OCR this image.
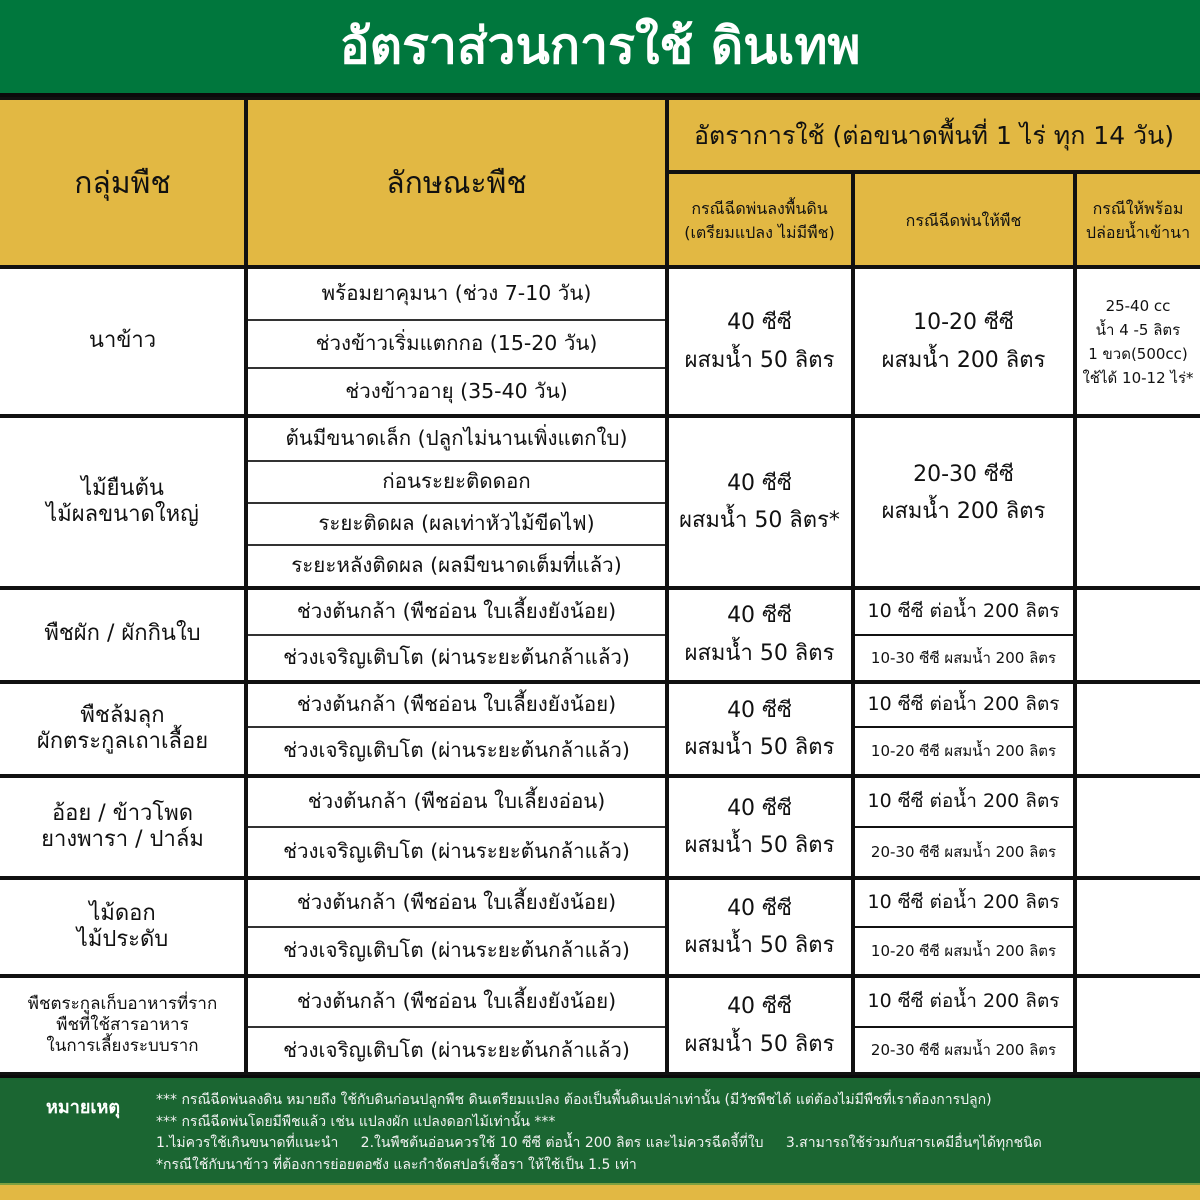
อัตราส่วนการใช้ ดินเทพ
กลุ่มพืช	ลักษณะพืช
อัตราการใช้ (ต่อขนาดพื้นที่ 1 ไร่ ทุก 14 วัน)
กรณีฉีดพ่นลงพื้นดิน
(เตรียมแปลง ไม่มีพืช)
กรณีฉีดพ่นให้พืช
กรณีให้พร้อม
ปล่อยน้ำเข้านา
นาข้าว
พร้อมยาคุมนา (ช่วง 7-10 วัน)
ช่วงข้าวเริ่มแตกกอ (15-20 วัน)
ช่วงข้าวอายุ (35-40 วัน)
40 ซีซี
ผสมน้ำ 50 ลิตร
10-20 ซีซี
ผสมน้ำ 200 ลิตร
25-40 cc
น้ำ 4 -5 ลิตร
1 ขวด(500cc)
ใช้ได้ 10-12 ไร่*
ไม้ยืนต้น
ไม้ผลขนาดใหญ่
ต้นมีขนาดเล็ก (ปลูกไม่นานเพิ่งแตกใบ)
ก่อนระยะติดดอก
ระยะติดผล (ผลเท่าหัวไม้ขีดไฟ)
ระยะหลังติดผล (ผลมีขนาดเต็มที่แล้ว)
40 ซีซี
ผสมน้ำ 50 ลิตร*
20-30 ซีซี
ผสมน้ำ 200 ลิตร
พืชผัก / ผักกินใบ
ช่วงต้นกล้า (พืชอ่อน ใบเลี้ยงยังน้อย)
ช่วงเจริญเติบโต (ผ่านระยะต้นกล้าแล้ว)
40 ซีซี
ผสมน้ำ 50 ลิตร
10 ซีซี ต่อน้ำ 200 ลิตร
10-30 ซีซี ผสมน้ำ 200 ลิตร
พืชล้มลุก
ผักตระกูลเถาเลื้อย
ช่วงต้นกล้า (พืชอ่อน ใบเลี้ยงยังน้อย)
ช่วงเจริญเติบโต (ผ่านระยะต้นกล้าแล้ว)
40 ซีซี
ผสมน้ำ 50 ลิตร
10 ซีซี ต่อน้ำ 200 ลิตร
10-20 ซีซี ผสมน้ำ 200 ลิตร
อ้อย / ข้าวโพด
ยางพารา / ปาล์ม
ช่วงต้นกล้า (พืชอ่อน ใบเลี้ยงอ่อน)
ช่วงเจริญเติบโต (ผ่านระยะต้นกล้าแล้ว)
40 ซีซี
ผสมน้ำ 50 ลิตร
10 ซีซี ต่อน้ำ 200 ลิตร
20-30 ซีซี ผสมน้ำ 200 ลิตร
ไม้ดอก
ไม้ประดับ
ช่วงต้นกล้า (พืชอ่อน ใบเลี้ยงยังน้อย)
ช่วงเจริญเติบโต (ผ่านระยะต้นกล้าแล้ว)
40 ซีซี
ผสมน้ำ 50 ลิตร
10 ซีซี ต่อน้ำ 200 ลิตร
10-20 ซีซี ผสมน้ำ 200 ลิตร
พืชตระกูลเก็บอาหารที่ราก
พืชที่ใช้สารอาหาร
ในการเลี้ยงระบบราก
ช่วงต้นกล้า (พืชอ่อน ใบเลี้ยงยังน้อย)
ช่วงเจริญเติบโต (ผ่านระยะต้นกล้าแล้ว)
40 ซีซี
ผสมน้ำ 50 ลิตร
10 ซีซี ต่อน้ำ 200 ลิตร
20-30 ซีซี ผสมน้ำ 200 ลิตร
หมายเหตุ	*** กรณีฉีดพ่นลงดิน หมายถึง ใช้กับดินก่อนปลูกพืช ดินเตรียมแปลง ต้องเป็นพื้นดินเปล่าเท่านั้น (มีวัชพืชได้ แต่ต้องไม่มีพืชที่เราต้องการปลูก)
*** กรณีฉีดพ่นโดยมีพืชแล้ว เช่น แปลงผัก แปลงดอกไม้เท่านั้น ***
1.ไม่ควรใช้เกินขนาดที่แนะนำ     2.ในพืชต้นอ่อนควรใช้ 10 ซีซี ต่อน้ำ 200 ลิตร และไม่ควรฉีดจี้ที่ใบ     3.สามารถใช้ร่วมกับสารเคมีอื่นๆได้ทุกชนิด
*กรณีใช้กับนาข้าว ที่ต้องการย่อยตอซัง และกำจัดสปอร์เชื้อรา ให้ใช้เป็น 1.5 เท่า
